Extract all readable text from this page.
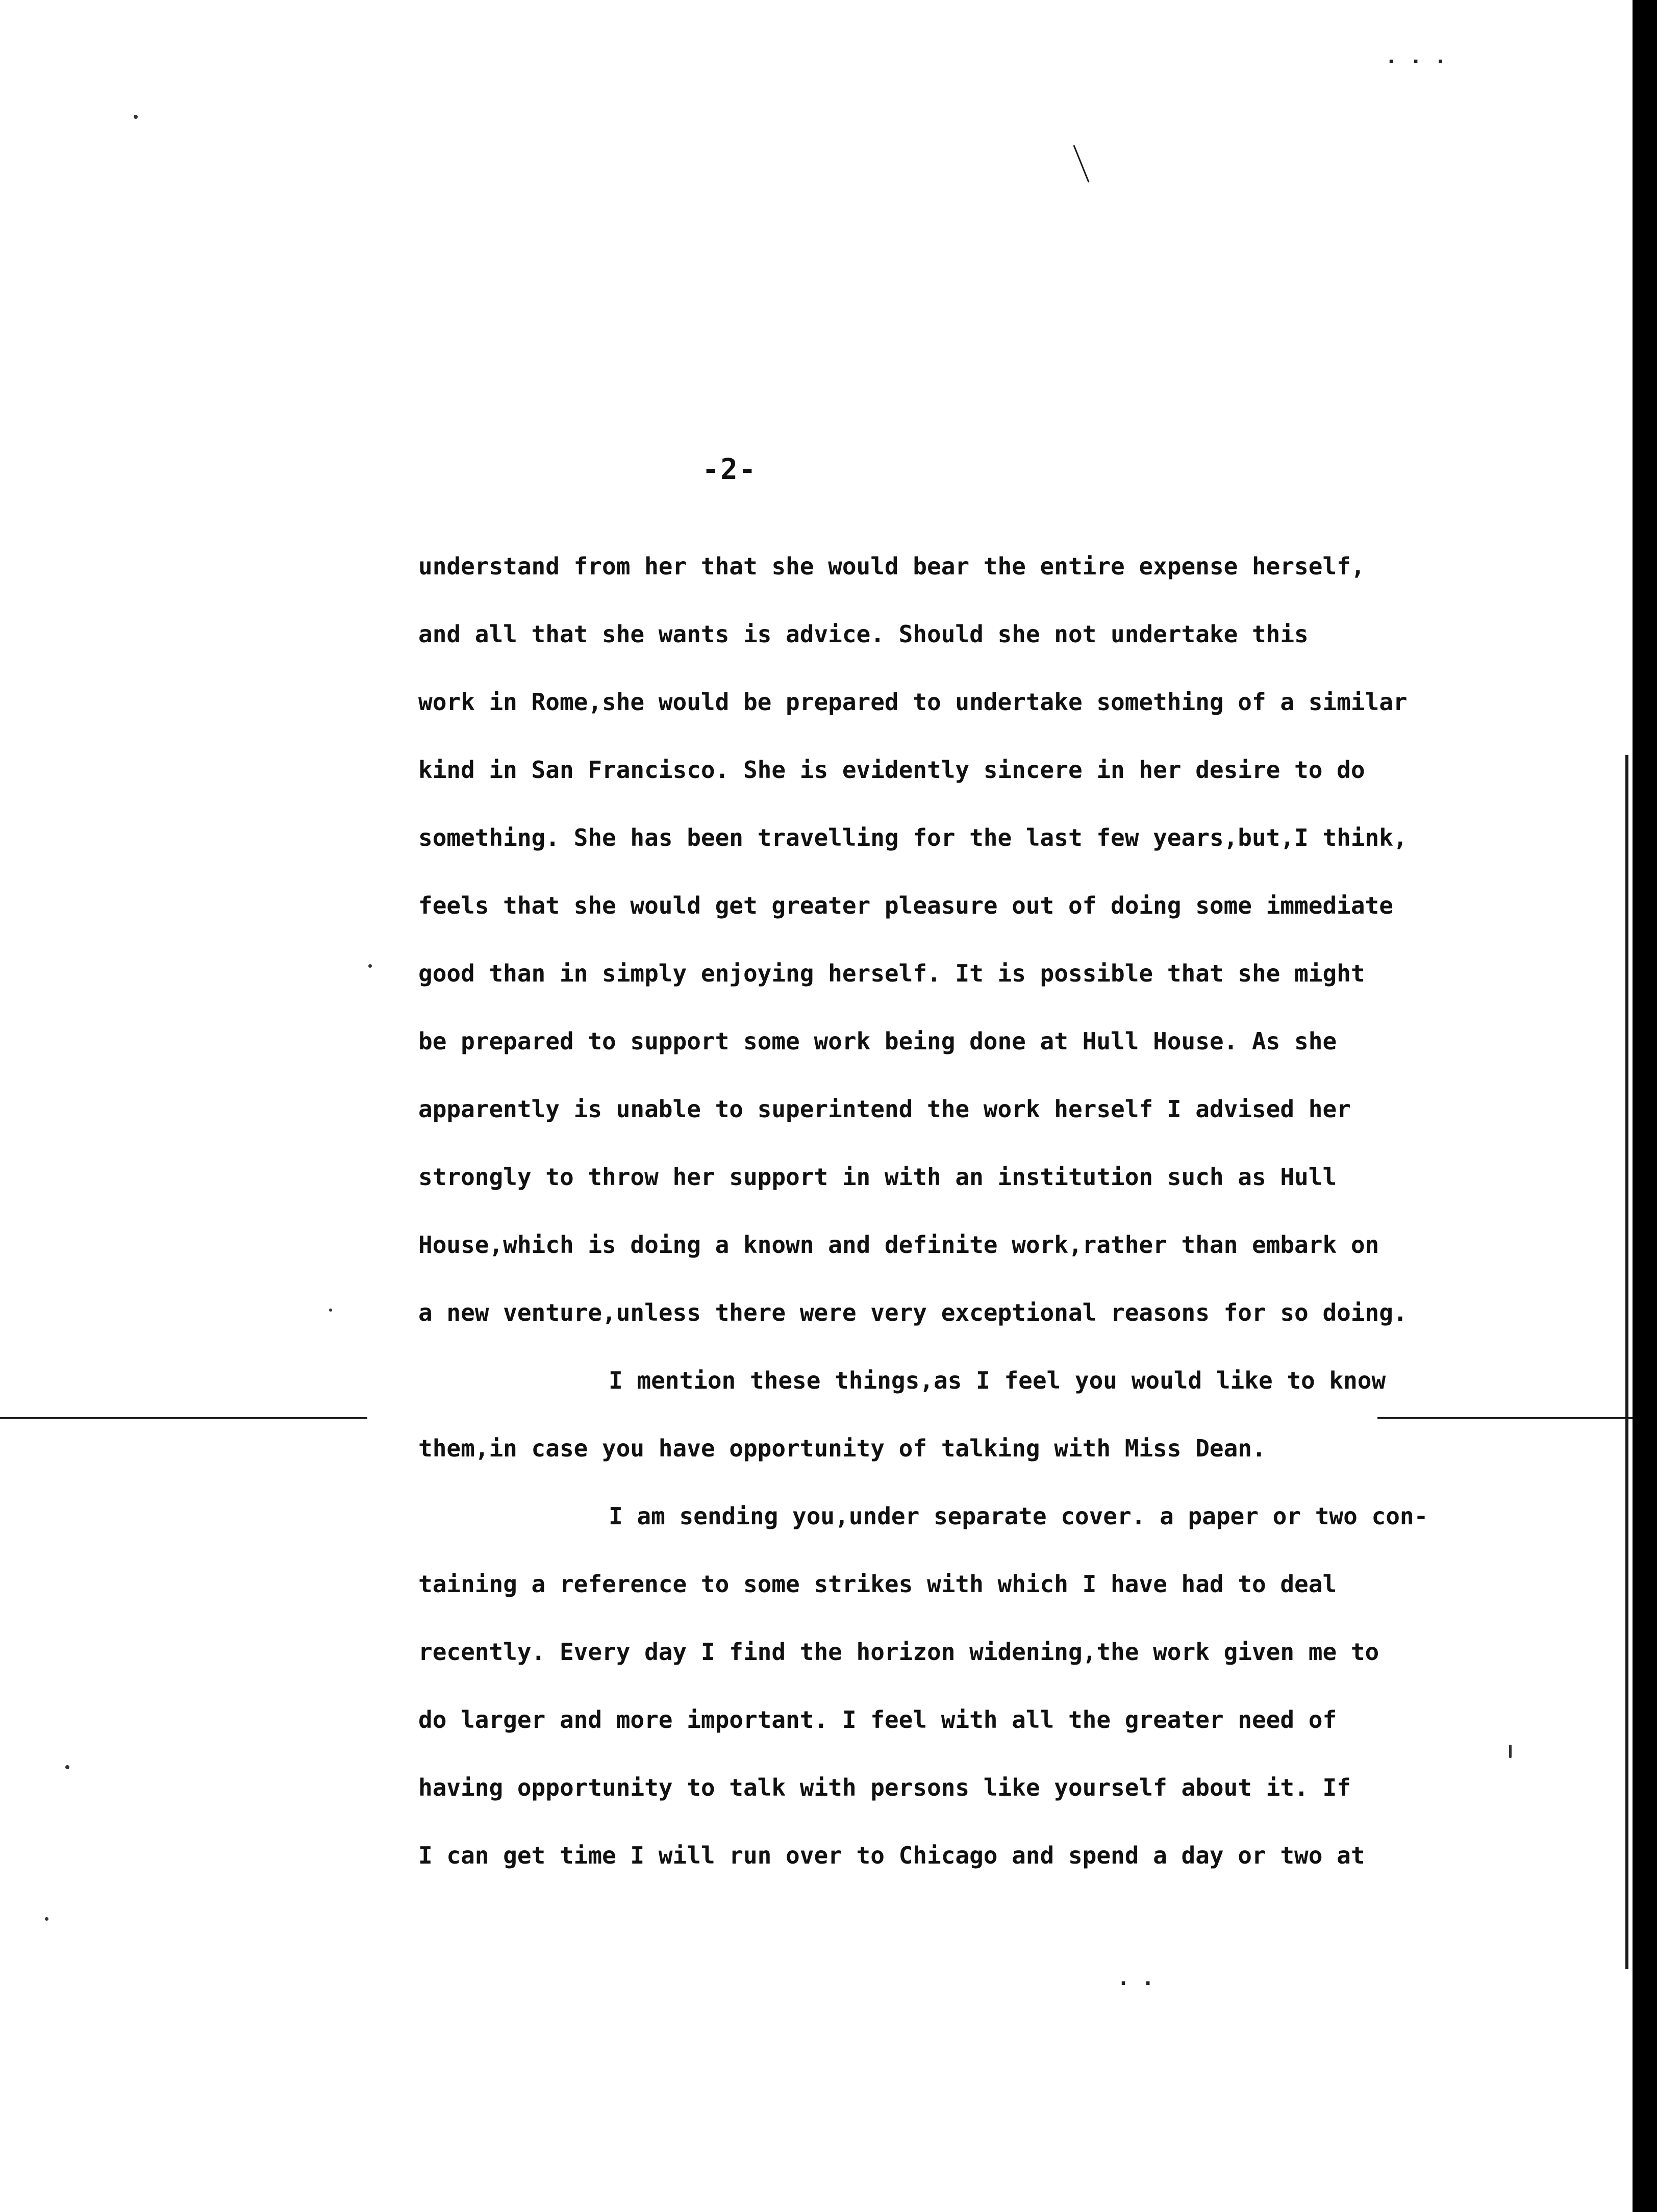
. . .
-2-
understand from her that she would bear the entire expense herself,
and all that she wants is advice. Should she not undertake this
work in Rome,she would be prepared to undertake something of a similar
kind in San Francisco. She is evidently sincere in her desire to do
something. She has been travelling for the last few years,but,I think,
feels that she would get greater pleasure out of doing some immediate
good than in simply enjoying herself. It is possible that she might
be prepared to support some work being done at Hull House. As she
apparently is unable to superintend the work herself I advised her
strongly to throw her support in with an institution such as Hull
House,which is doing a known and definite work,rather than embark on
a new venture,unless there were very exceptional reasons for so doing.
I mention these things,as I feel you would like to know
them,in case you have opportunity of talking with Miss Dean.
I am sending you,under separate cover. a paper or two con-
taining a reference to some strikes with which I have had to deal
recently. Every day I find the horizon widening,the work given me to
do larger and more important. I feel with all the greater need of
having opportunity to talk with persons like yourself about it. If
I can get time I will run over to Chicago and spend a day or two at
. .
